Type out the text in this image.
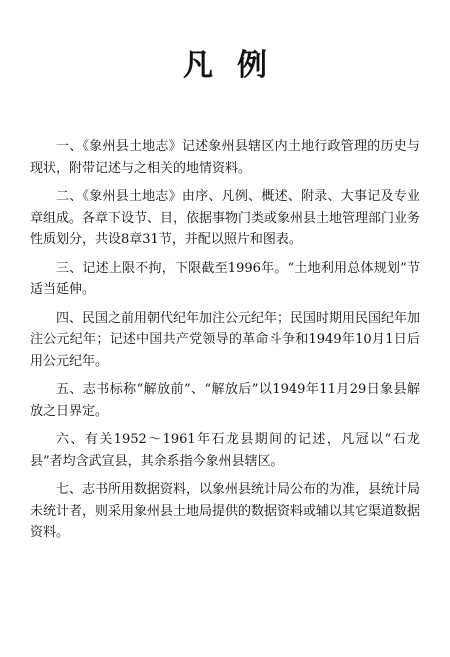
凡例

一、《象州县土地志》记述象州县辖区内土地行政管理的历史与现状，附带记述与之相关的地情资料。

二、《象州县土地志》由序、凡例、概述、附录、大事记及专业章组成。各章下设节、目，依据事物门类或象州县土地管理部门业务性质划分，共设8章31节，并配以照片和图表。

三、记述上限不拘，下限截至1996年。“土地利用总体规划”节适当延伸。

四、民国之前用朝代纪年加注公元纪年；民国时期用民国纪年加注公元纪年；记述中国共产党领导的革命斗争和1949年10月1日后用公元纪年。

五、志书标称“解放前”、“解放后”以1949年11月29日象县解放之日界定。

六、有关1952～1961年石龙县期间的记述，凡冠以“石龙县”者均含武宣县，其余系指今象州县辖区。

七、志书所用数据资料，以象州县统计局公布的为准，县统计局未统计者，则采用象州县土地局提供的数据资料或辅以其它渠道数据 资料。
